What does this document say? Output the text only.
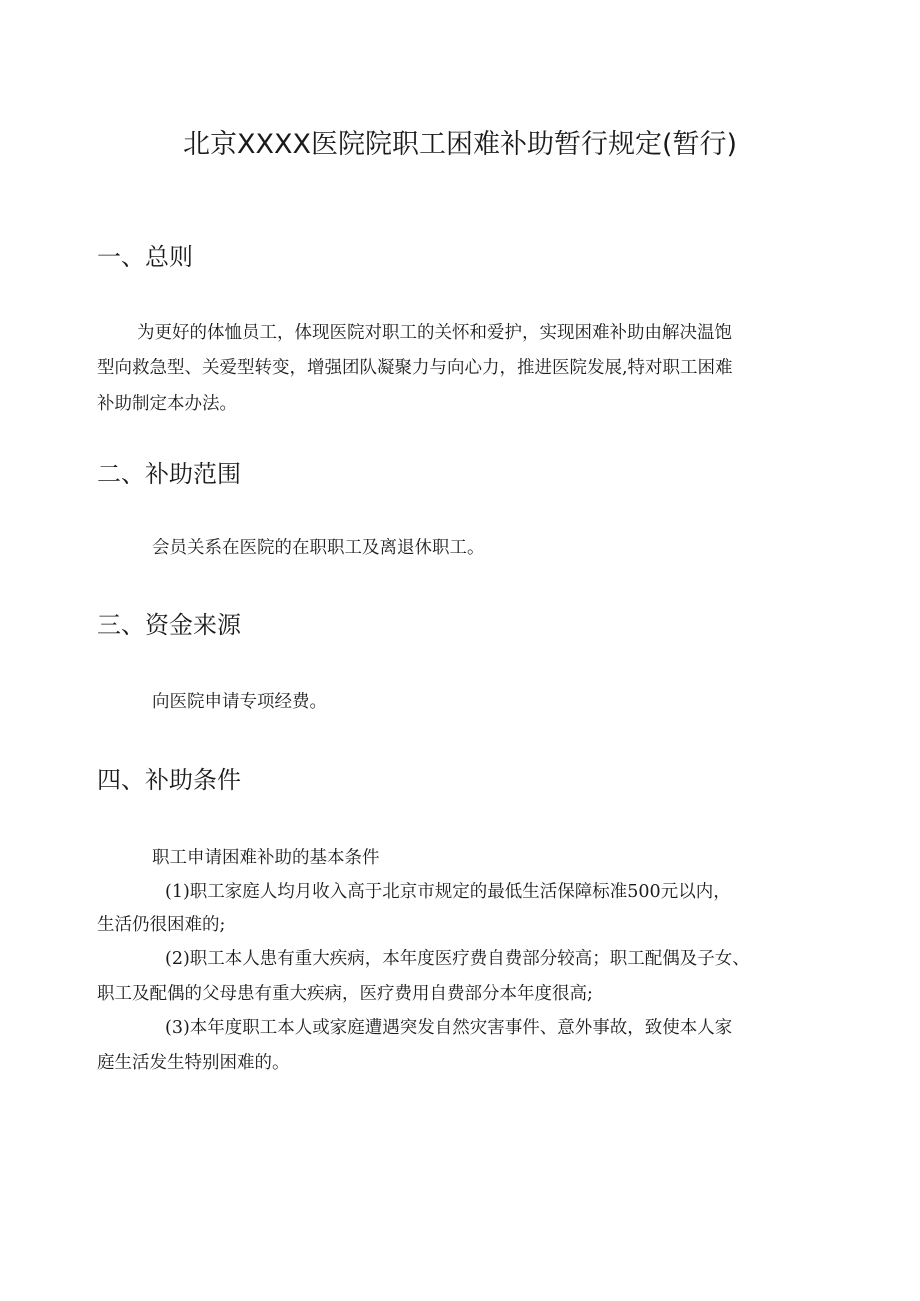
北京XXXX医院院职工困难补助暂行规定(暂行)
一、总则

为更好的体恤员工，体现医院对职工的关怀和爱护，实现困难补助由解决温饱

型向救急型、关爱型转变，增强团队凝聚力与向心力，推进医院发展,特对职工困难

补助制定本办法。

二、补助范围

会员关系在医院的在职职工及离退休职工。

三、资金来源

向医院申请专项经费。

四、补助条件

职工申请困难补助的基本条件

(1)职工家庭人均月收入高于北京市规定的最低生活保障标准500元以内，

生活仍很困难的;

(2)职工本人患有重大疾病，本年度医疗费自费部分较高；职工配偶及子女、

职工及配偶的父母患有重大疾病，医疗费用自费部分本年度很高;

(3)本年度职工本人或家庭遭遇突发自然灾害事件、意外事故，致使本人家

庭生活发生特别困难的。
